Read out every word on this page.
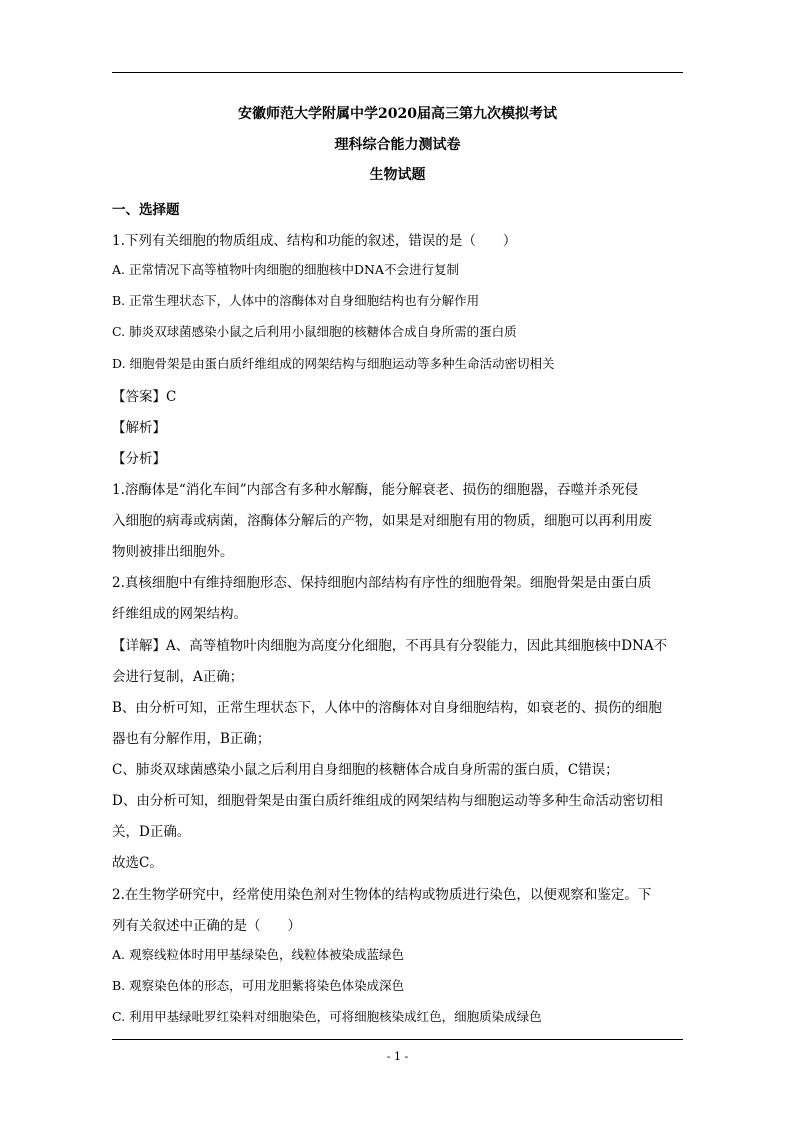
安徽师范大学附属中学2020届高三第九次模拟考试
理科综合能力测试卷
生物试题
一、选择题
1.下列有关细胞的物质组成、结构和功能的叙述，错误的是（　　）
A. 正常情况下高等植物叶肉细胞的细胞核中DNA不会进行复制
B. 正常生理状态下，人体中的溶酶体对自身细胞结构也有分解作用
C. 肺炎双球菌感染小鼠之后利用小鼠细胞的核糖体合成自身所需的蛋白质
D. 细胞骨架是由蛋白质纤维组成的网架结构与细胞运动等多种生命活动密切相关
【答案】C
【解析】
【分析】
1.溶酶体是“消化车间”内部含有多种水解酶，能分解衰老、损伤的细胞器，吞噬并杀死侵
入细胞的病毒或病菌，溶酶体分解后的产物，如果是对细胞有用的物质，细胞可以再利用废
物则被排出细胞外。
2.真核细胞中有维持细胞形态、保持细胞内部结构有序性的细胞骨架。细胞骨架是由蛋白质
纤维组成的网架结构。
【详解】A、高等植物叶肉细胞为高度分化细胞，不再具有分裂能力，因此其细胞核中DNA不
会进行复制，A正确；
B、由分析可知，正常生理状态下，人体中的溶酶体对自身细胞结构，如衰老的、损伤的细胞
器也有分解作用，B正确；
C、肺炎双球菌感染小鼠之后利用自身细胞的核糖体合成自身所需的蛋白质，C错误；
D、由分析可知，细胞骨架是由蛋白质纤维组成的网架结构与细胞运动等多种生命活动密切相
关，D正确。
故选C。
2.在生物学研究中，经常使用染色剂对生物体的结构或物质进行染色，以便观察和鉴定。下
列有关叙述中正确的是（　　）
A. 观察线粒体时用甲基绿染色，线粒体被染成蓝绿色
B. 观察染色体的形态，可用龙胆紫将染色体染成深色
C. 利用甲基绿吡罗红染料对细胞染色，可将细胞核染成红色，细胞质染成绿色
- 1 -
